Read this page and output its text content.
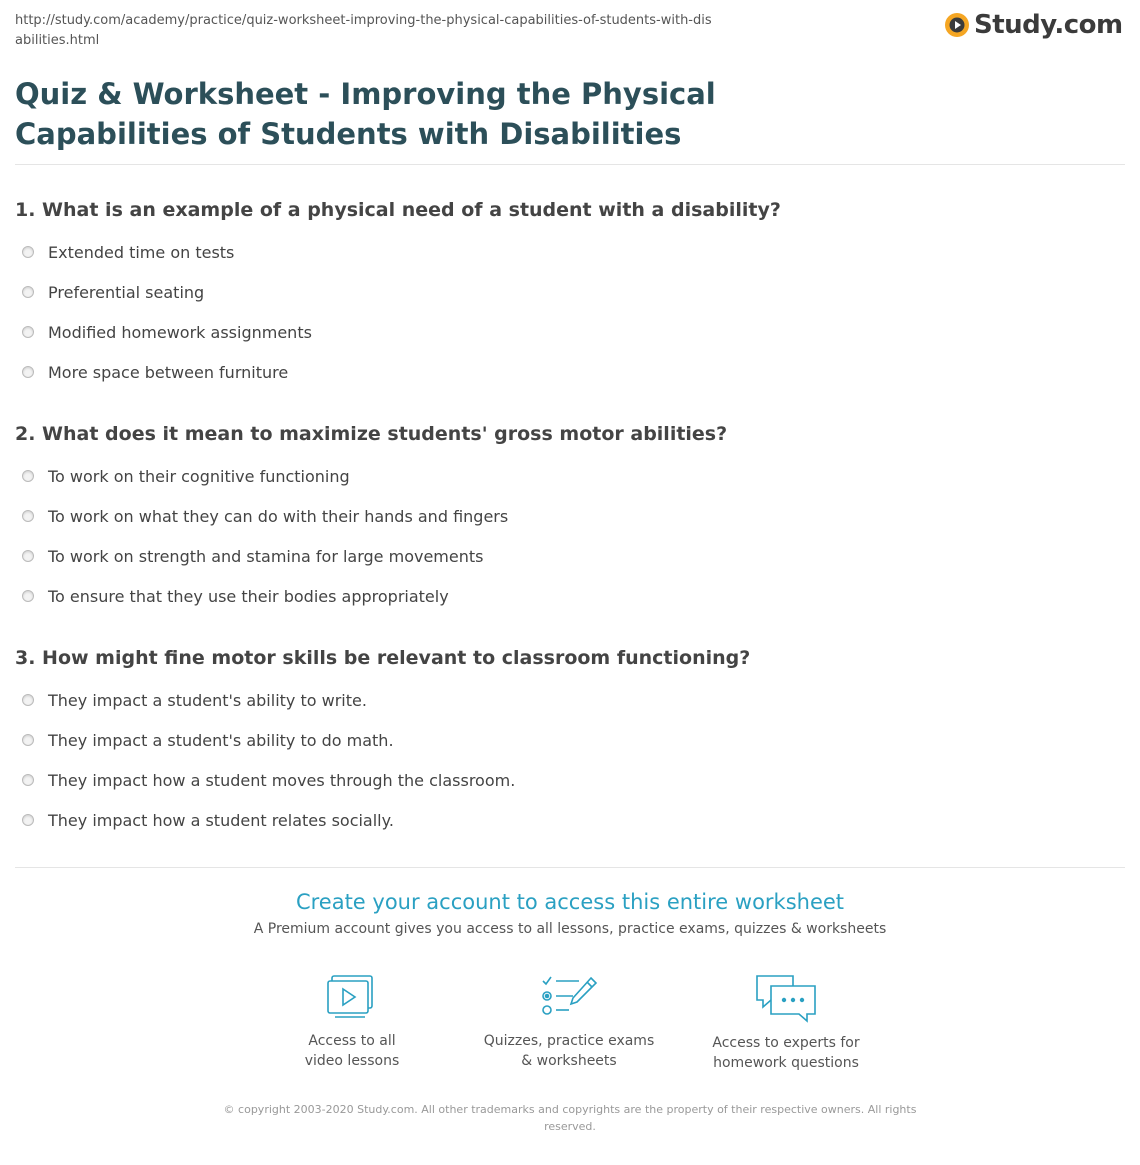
http://study.com/academy/practice/quiz-worksheet-improving-the-physical-capabilities-of-students-with-disabilities.html
Study.com
Quiz & Worksheet - Improving the Physical Capabilities of Students with Disabilities
1. What is an example of a physical need of a student with a disability?
Extended time on tests
Preferential seating
Modified homework assignments
More space between furniture
2. What does it mean to maximize students' gross motor abilities?
To work on their cognitive functioning
To work on what they can do with their hands and fingers
To work on strength and stamina for large movements
To ensure that they use their bodies appropriately
3. How might fine motor skills be relevant to classroom functioning?
They impact a student's ability to write.
They impact a student's ability to do math.
They impact how a student moves through the classroom.
They impact how a student relates socially.
Create your account to access this entire worksheet
A Premium account gives you access to all lessons, practice exams, quizzes & worksheets
Access to all
video lessons
Quizzes, practice exams
& worksheets
Access to experts for
homework questions
© copyright 2003-2020 Study.com. All other trademarks and copyrights are the property of their respective owners. All rights reserved.
